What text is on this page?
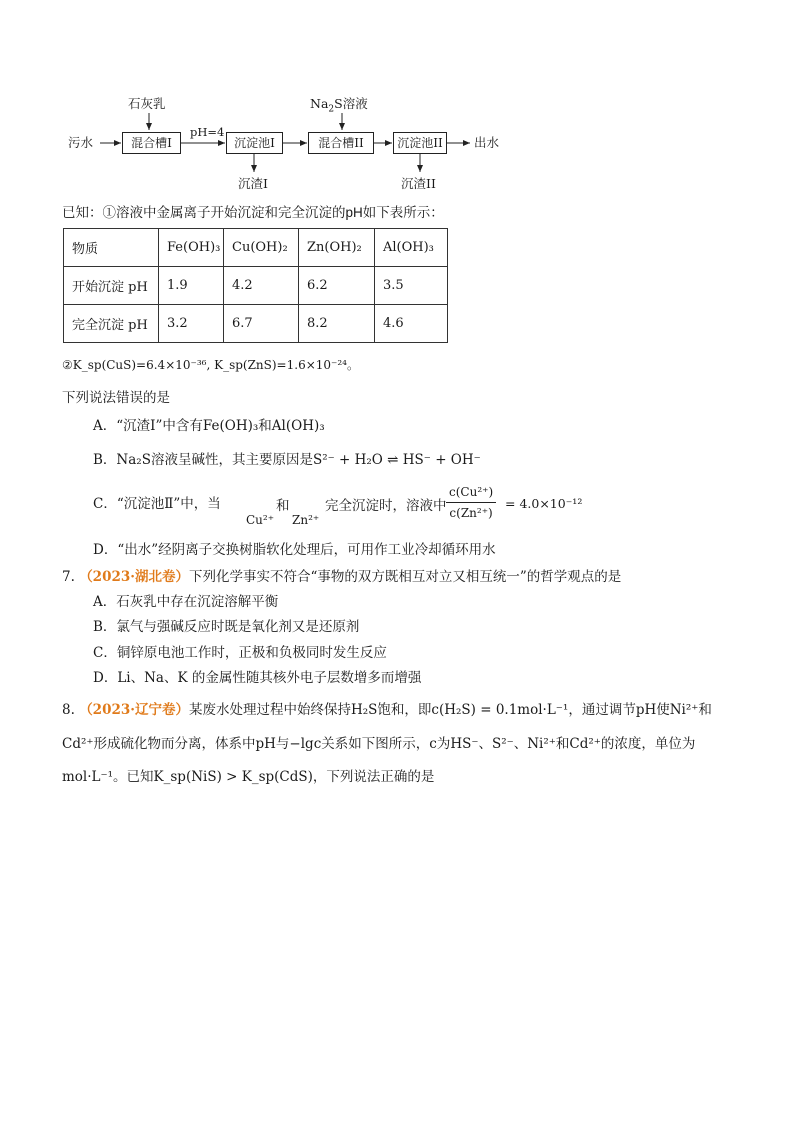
石灰乳	$Na_2S$溶液
污水	混合槽I
pH=4
沉淀池I	混合槽II	沉淀池II	出水
沉渣I	沉渣II
已知：①溶液中金属离子开始沉淀和完全沉淀的pH如下表所示：
物质	Fe(OH)₃	Cu(OH)₂	Zn(OH)₂	Al(OH)₃
开始沉淀 pH	1.9	4.2	6.2	3.5
完全沉淀 pH	3.2	6.7	8.2	4.6
②K_sp(CuS)=6.4×10⁻³⁶, K_sp(ZnS)=1.6×10⁻²⁴。
下列说法错误的是
A．“沉渣Ⅰ”中含有Fe(OH)₃和Al(OH)₃
B．Na₂S溶液呈碱性，其主要原因是S²⁻ + H₂O ⇌ HS⁻ + OH⁻
C．“沉淀池Ⅱ”中，当
Cu²⁺
和
Zn²⁺
完全沉淀时，溶液中 $\frac{\text{c(Cu²⁺)}}{\text{c(Zn²⁺)}} = 4.0\times 10^{-12}$
D．“出水”经阴离子交换树脂软化处理后，可用作工业冷却循环用水
7. （2023·湖北卷）下列化学事实不符合“事物的双方既相互对立又相互统一”的哲学观点的是
A．石灰乳中存在沉淀溶解平衡
B．氯气与强碱反应时既是氧化剂又是还原剂
C．铜锌原电池工作时，正极和负极同时发生反应
D．Li、Na、K 的金属性随其核外电子层数增多而增强
8. （2023·辽宁卷）某废水处理过程中始终保持H₂S饱和，即c(H₂S) = 0.1mol·L⁻¹，通过调节pH使Ni²⁺和
Cd²⁺形成硫化物而分离，体系中pH与−lgc关系如下图所示，c为HS⁻、S²⁻、Ni²⁺和Cd²⁺的浓度，单位为
mol·L⁻¹。已知K_sp(NiS) > K_sp(CdS)，下列说法正确的是
